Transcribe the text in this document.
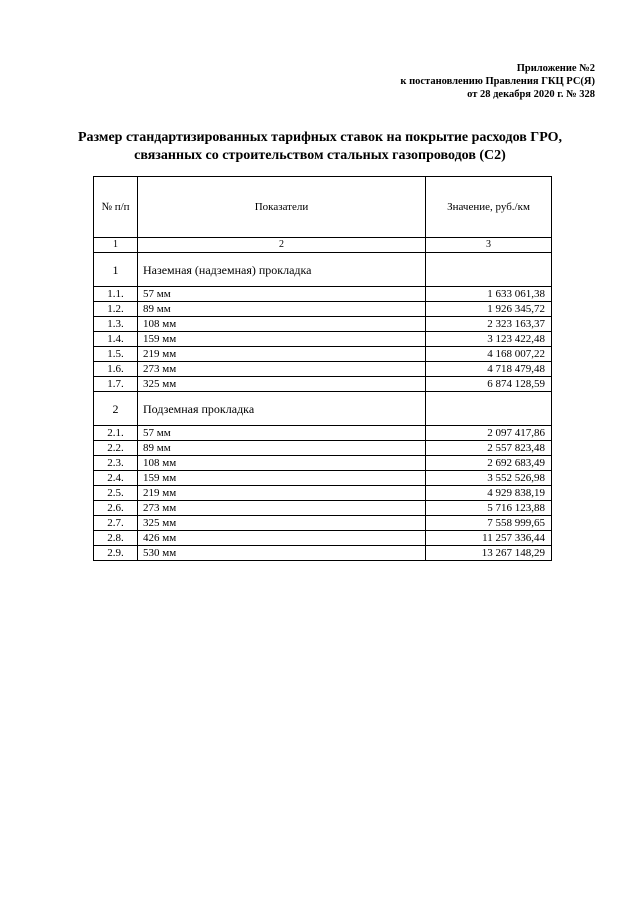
Приложение №2
к постановлению Правления ГКЦ РС(Я)
от 28 декабря 2020 г. № 328
Размер стандартизированных тарифных ставок на покрытие расходов ГРО,
связанных со строительством стальных газопроводов (С2)
№ п/п	Показатели	Значение, руб./км
1	2	3
1	Наземная (надземная) прокладка	
1.1.	57 мм	1 633 061,38
1.2.	89 мм	1 926 345,72
1.3.	108 мм	2 323 163,37
1.4.	159 мм	3 123 422,48
1.5.	219 мм	4 168 007,22
1.6.	273 мм	4 718 479,48
1.7.	325 мм	6 874 128,59
2	Подземная прокладка	
2.1.	57 мм	2 097 417,86
2.2.	89 мм	2 557 823,48
2.3.	108 мм	2 692 683,49
2.4.	159 мм	3 552 526,98
2.5.	219 мм	4 929 838,19
2.6.	273 мм	5 716 123,88
2.7.	325 мм	7 558 999,65
2.8.	426 мм	11 257 336,44
2.9.	530 мм	13 267 148,29
